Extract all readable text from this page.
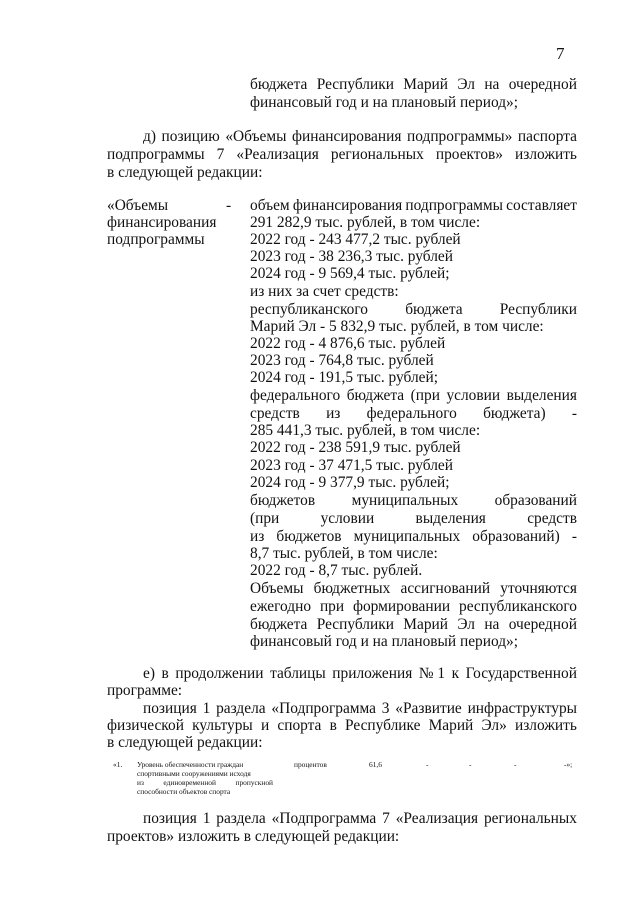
7
бюджета Республики Марий Эл на очередной
финансовый год и на плановый период»;
д) позицию «Объемы финансирования подпрограммы» паспорта
подпрограммы 7 «Реализация региональных проектов» изложить
в следующей редакции:
«Объемы	-
финансирования
подпрограммы
объем финансирования подпрограммы составляет
291 282,9 тыс. рублей, в том числе:
2022 год - 243 477,2 тыс. рублей
2023 год - 38 236,3 тыс. рублей
2024 год - 9 569,4 тыс. рублей;
из них за счет средств:
республиканского бюджета Республики
Марий Эл - 5 832,9 тыс. рублей, в том числе:
2022 год - 4 876,6 тыс. рублей
2023 год - 764,8 тыс. рублей
2024 год - 191,5 тыс. рублей;
федерального бюджета (при условии выделения
средств из федерального бюджета) -
285 441,3 тыс. рублей, в том числе:
2022 год - 238 591,9 тыс. рублей
2023 год - 37 471,5 тыс. рублей
2024 год - 9 377,9 тыс. рублей;
бюджетов муниципальных образований
(при	условии	выделения	средств
из бюджетов муниципальных образований) -
8,7 тыс. рублей, в том числе:
2022 год - 8,7 тыс. рублей.
Объемы бюджетных ассигнований уточняются
ежегодно при формировании республиканского
бюджета Республики Марий Эл на очередной
финансовый год и на плановый период»;
е) в продолжении таблицы приложения № 1 к Государственной
программе:
позиция 1 раздела «Подпрограмма 3 «Развитие инфраструктуры
физической культуры и спорта в Республике Марий Эл» изложить
в следующей редакции:
«1. Уровень обеспеченности граждан
спортивными сооружениями исходя
из	единовременной	пропускной
способности объектов спорта
процентов	61,6	-	-	-	-»;
позиция 1 раздела «Подпрограмма 7 «Реализация региональных
проектов» изложить в следующей редакции:
